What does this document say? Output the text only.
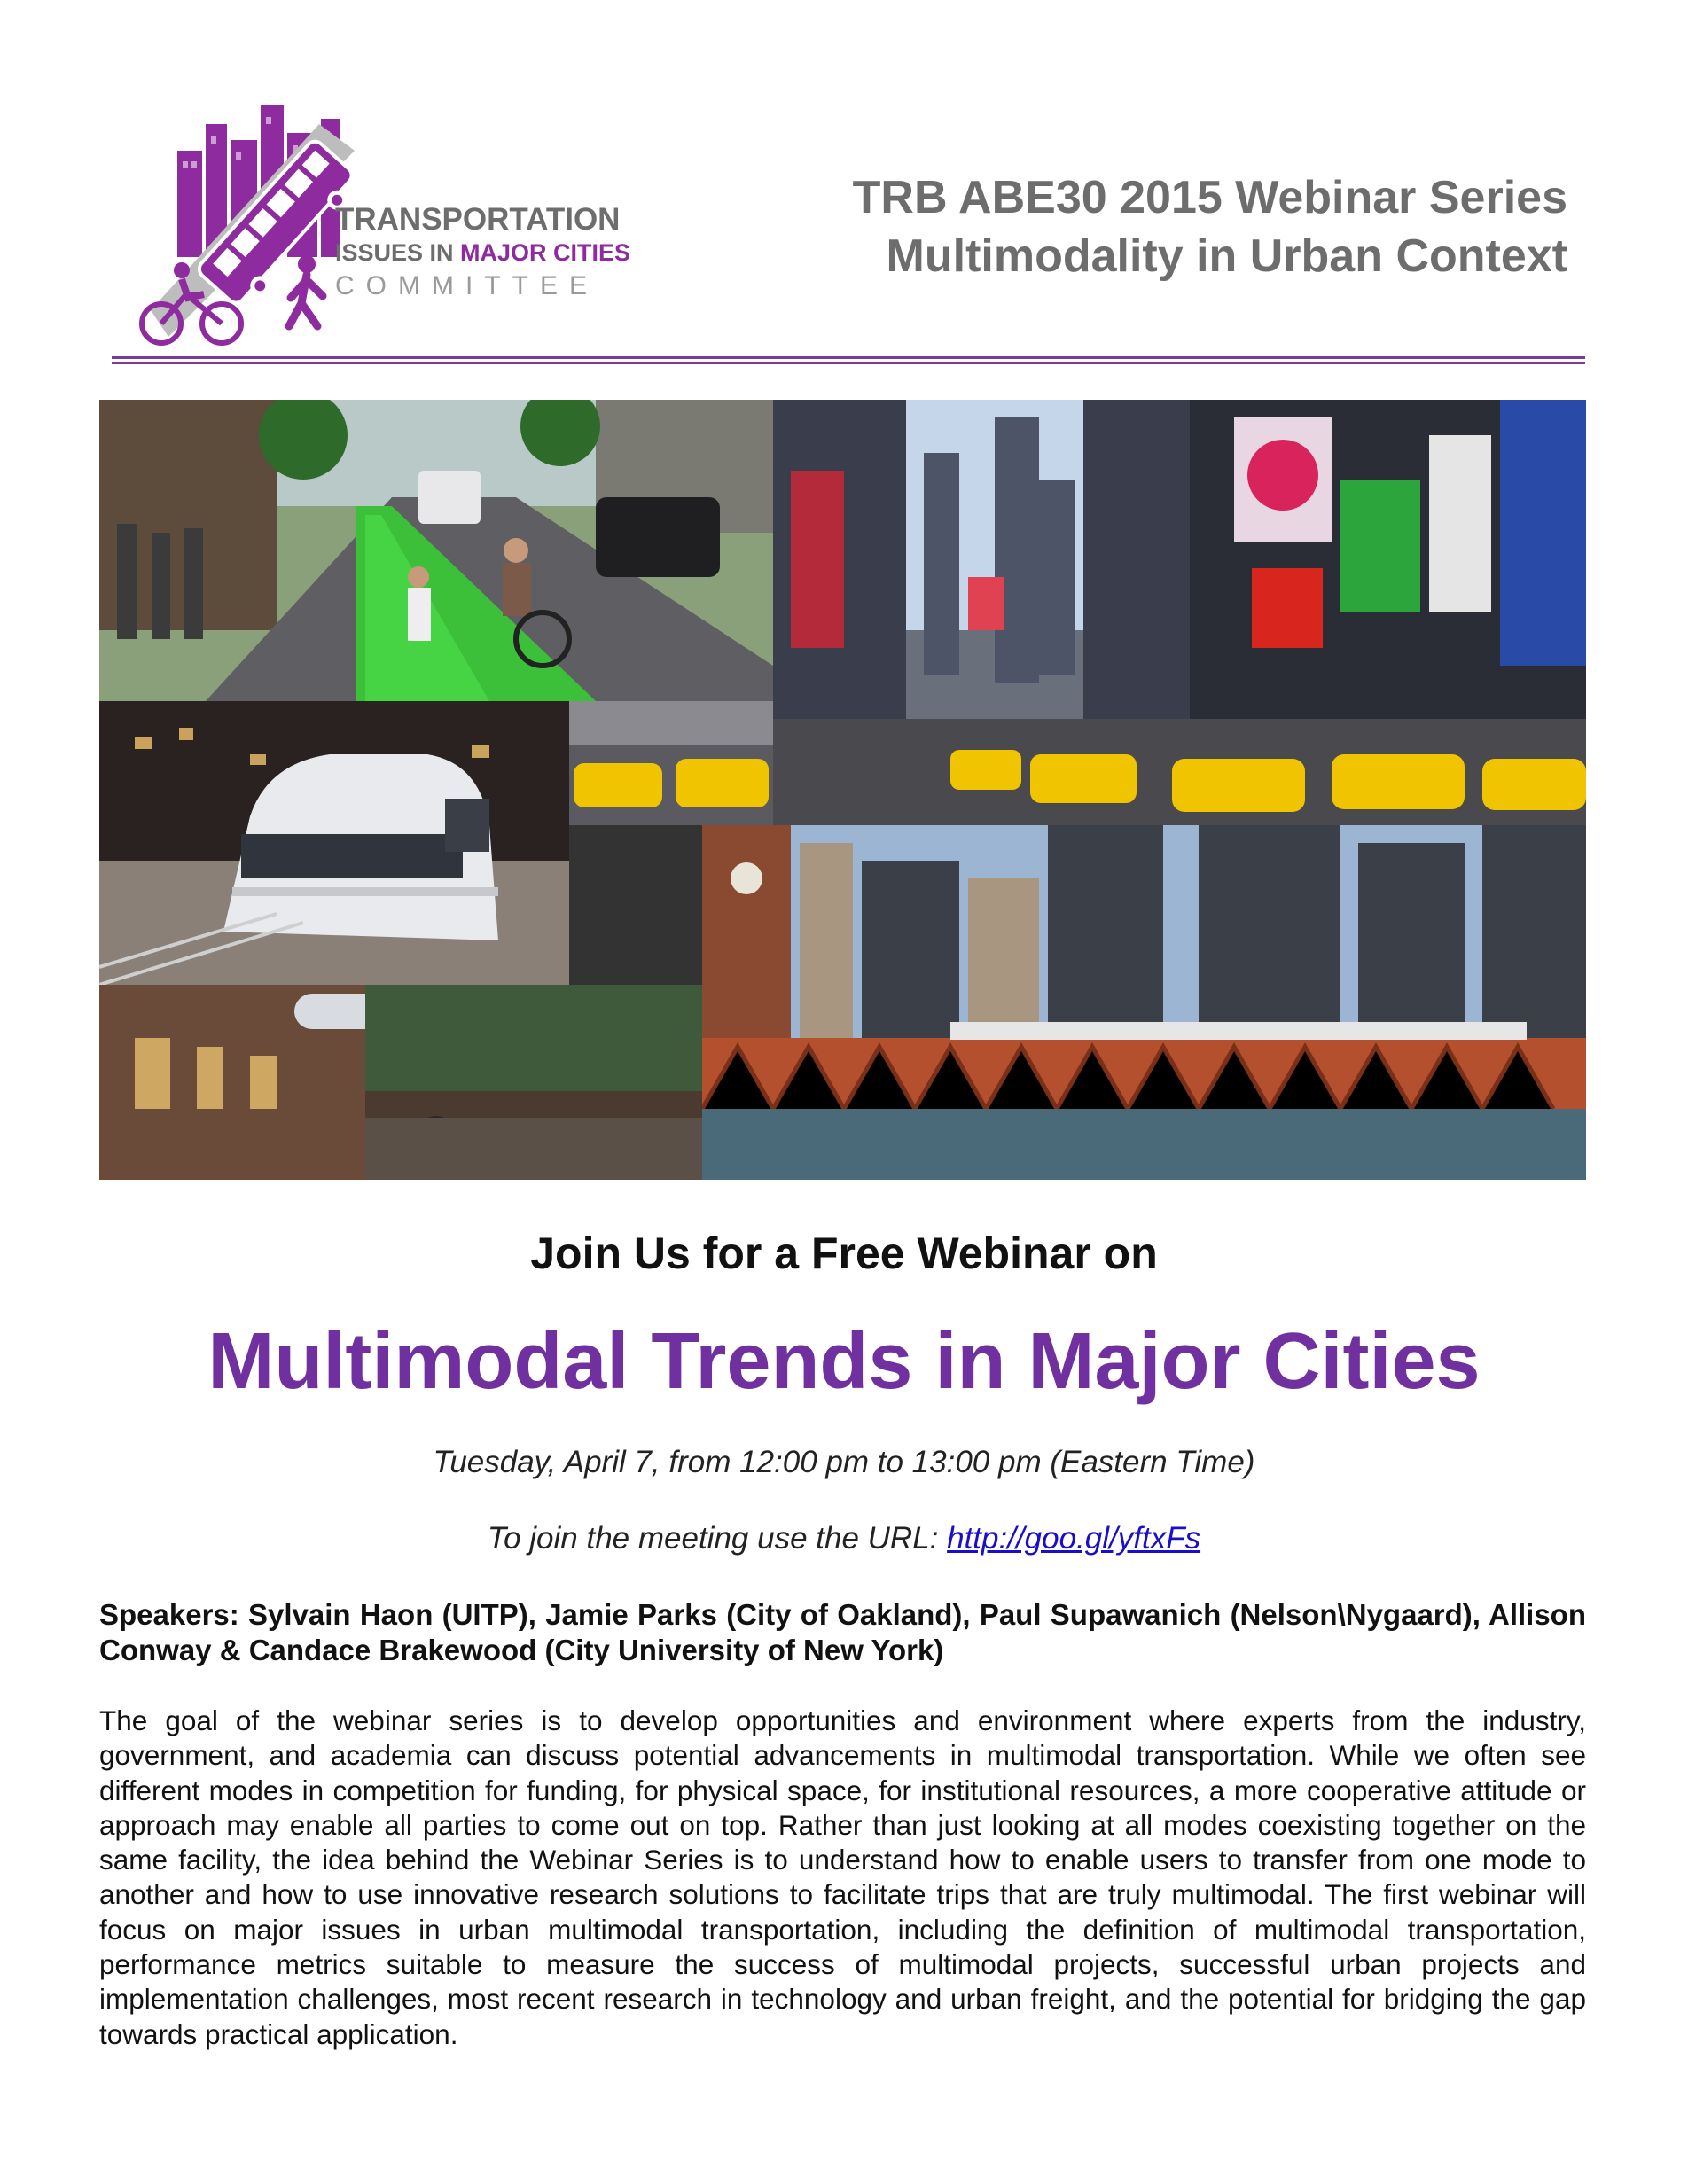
TRANSPORTATION
ISSUES IN MAJOR CITIES
COMMITTEE
TRB ABE30 2015 Webinar Series
Multimodality in Urban Context
Join Us for a Free Webinar on
Multimodal Trends in Major Cities
Tuesday, April 7, from 12:00 pm to 13:00 pm (Eastern Time)
To join the meeting use the URL: http://goo.gl/yftxFs
Speakers: Sylvain Haon (UITP), Jamie Parks (City of Oakland), Paul Supawanich (Nelson\Nygaard), Allison Conway & Candace Brakewood (City University of New York)
The goal of the webinar series is to develop opportunities and environment where experts from the industry, government, and academia can discuss potential advancements in multimodal transportation. While we often see different modes in competition for funding, for physical space, for institutional resources, a more cooperative attitude or approach may enable all parties to come out on top. Rather than just looking at all modes coexisting together on the same facility, the idea behind the Webinar Series is to understand how to enable users to transfer from one mode to another and how to use innovative research solutions to facilitate trips that are truly multimodal. The first webinar will focus on major issues in urban multimodal transportation, including the definition of multimodal transportation, performance metrics suitable to measure the success of multimodal projects, successful urban projects and implementation challenges, most recent research in technology and urban freight, and the potential for bridging the gap towards practical application.
